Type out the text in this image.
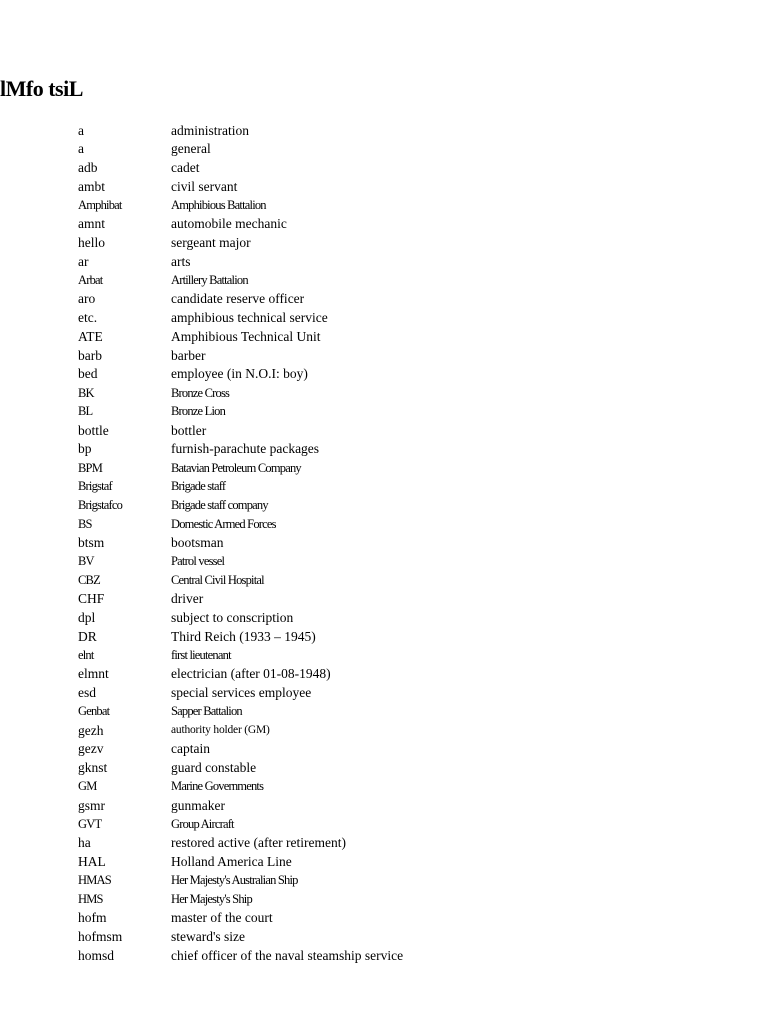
lMfo tsiL
a	administration
a	general
adb	cadet
ambt	civil servant
Amphibat	Amphibious Battalion
amnt	automobile mechanic
hello	sergeant major
ar	arts
Arbat	Artillery Battalion
aro	candidate reserve officer
etc.	amphibious technical service
ATE	Amphibious Technical Unit
barb	barber
bed	employee (in N.O.I: boy)
BK	Bronze Cross
BL	Bronze Lion
bottle	bottler
bp	furnish-parachute packages
BPM	Batavian Petroleum Company
Brigstaf	Brigade staff
Brigstafco	Brigade staff company
BS	Domestic Armed Forces
btsm	bootsman
BV	Patrol vessel
CBZ	Central Civil Hospital
CHF	driver
dpl	subject to conscription
DR	Third Reich (1933 – 1945)
elnt	first lieutenant
elmnt	electrician (after 01-08-1948)
esd	special services employee
Genbat	Sapper Battalion
gezh	authority holder (GM)
gezv	captain
gknst	guard constable
GM	Marine Governments
gsmr	gunmaker
GVT	Group Aircraft
ha	restored active (after retirement)
HAL	Holland America Line
HMAS	Her Majesty's Australian Ship
HMS	Her Majesty's Ship
hofm	master of the court
hofmsm	steward's size
homsd	chief officer of the naval steamship service
